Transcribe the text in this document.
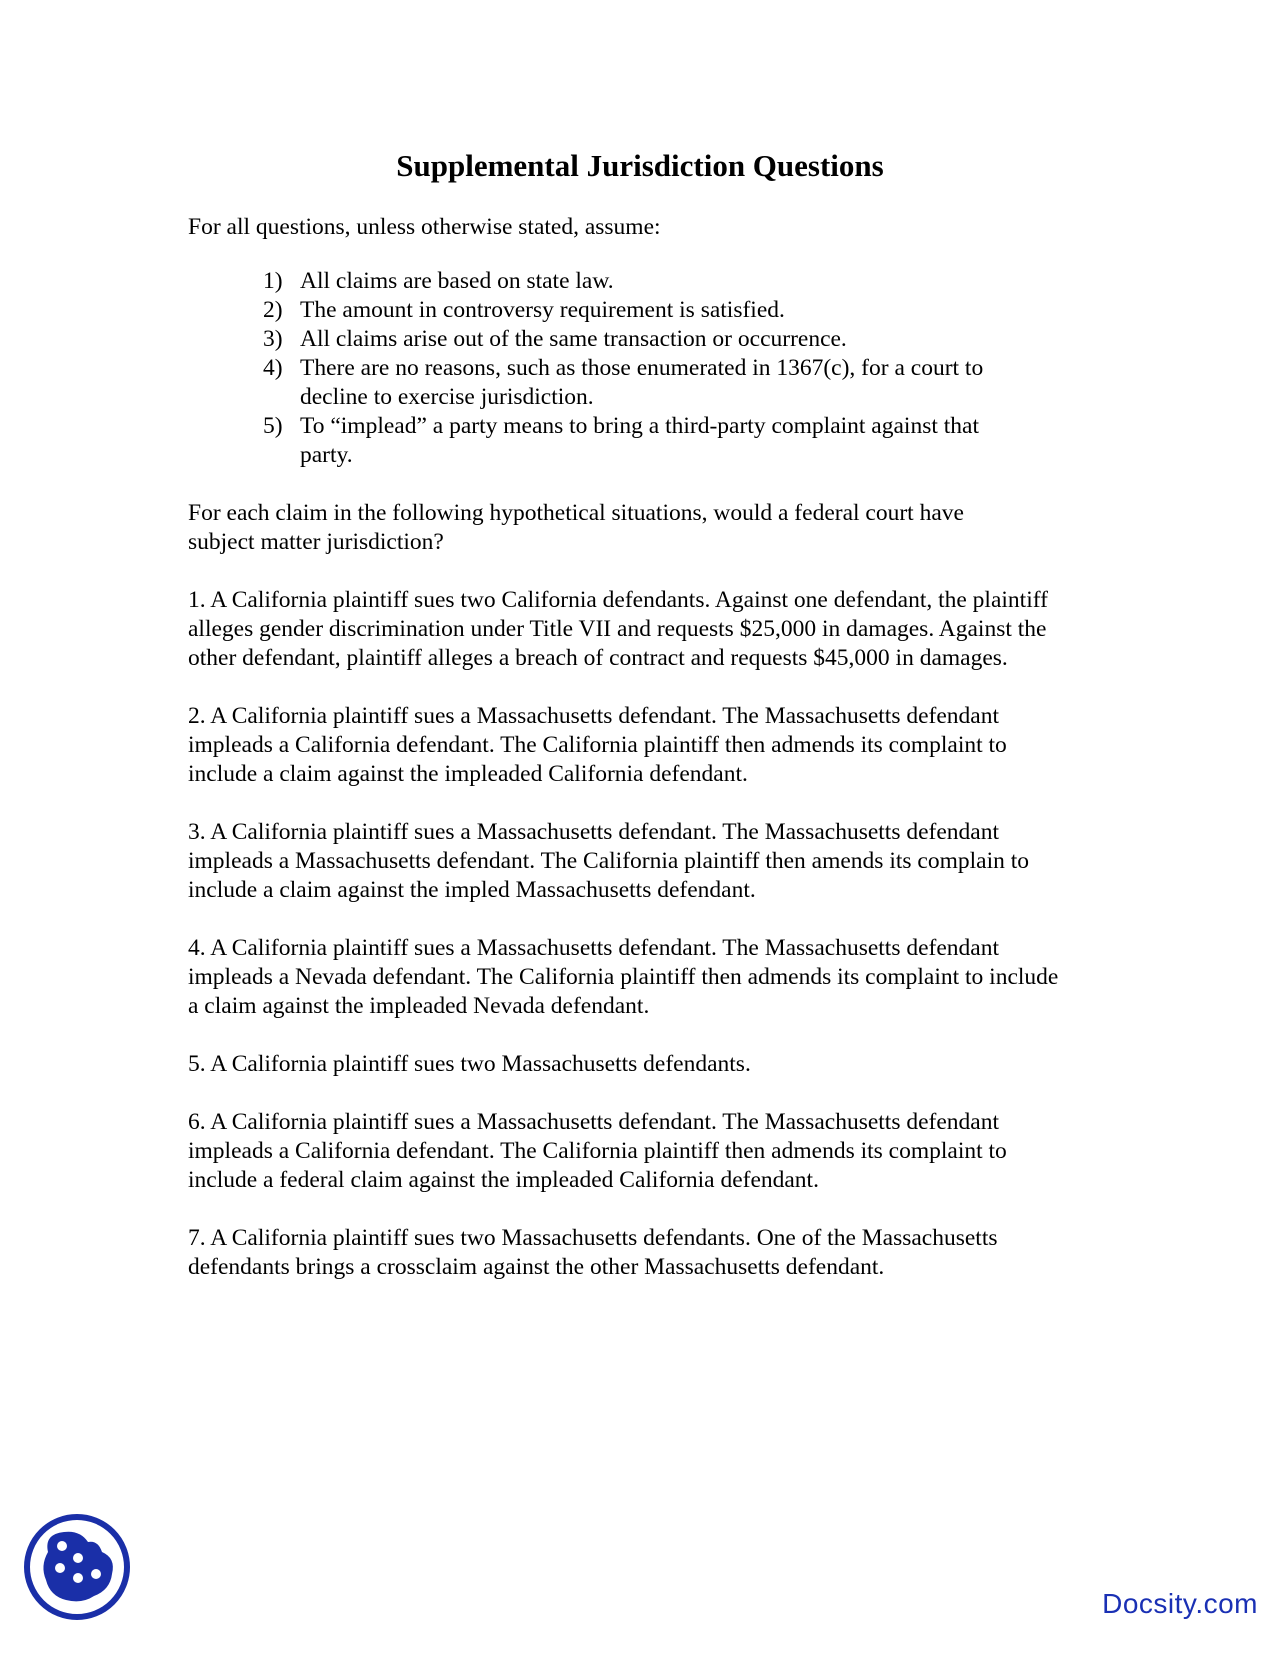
Supplemental Jurisdiction Questions

For all questions, unless otherwise stated, assume:

1) All claims are based on state law.
2) The amount in controversy requirement is satisfied.
3) All claims arise out of the same transaction or occurrence.
4) There are no reasons, such as those enumerated in 1367(c), for a court to decline to exercise jurisdiction.
5) To “implead” a party means to bring a third-party complaint against that party.

For each claim in the following hypothetical situations, would a federal court have subject matter jurisdiction?

1. A California plaintiff sues two California defendants. Against one defendant, the plaintiff alleges gender discrimination under Title VII and requests $25,000 in damages. Against the other defendant, plaintiff alleges a breach of contract and requests $45,000 in damages.

2. A California plaintiff sues a Massachusetts defendant. The Massachusetts defendant impleads a California defendant. The California plaintiff then admends its complaint to include a claim against the impleaded California defendant.

3. A California plaintiff sues a Massachusetts defendant. The Massachusetts defendant impleads a Massachusetts defendant. The California plaintiff then amends its complain to include a claim against the impled Massachusetts defendant.

4. A California plaintiff sues a Massachusetts defendant. The Massachusetts defendant impleads a Nevada defendant. The California plaintiff then admends its complaint to include a claim against the impleaded Nevada defendant.

5. A California plaintiff sues two Massachusetts defendants.

6. A California plaintiff sues a Massachusetts defendant. The Massachusetts defendant impleads a California defendant. The California plaintiff then admends its complaint to include a federal claim against the impleaded California defendant.

7. A California plaintiff sues two Massachusetts defendants. One of the Massachusetts defendants brings a crossclaim against the other Massachusetts defendant.

Docsity.com
